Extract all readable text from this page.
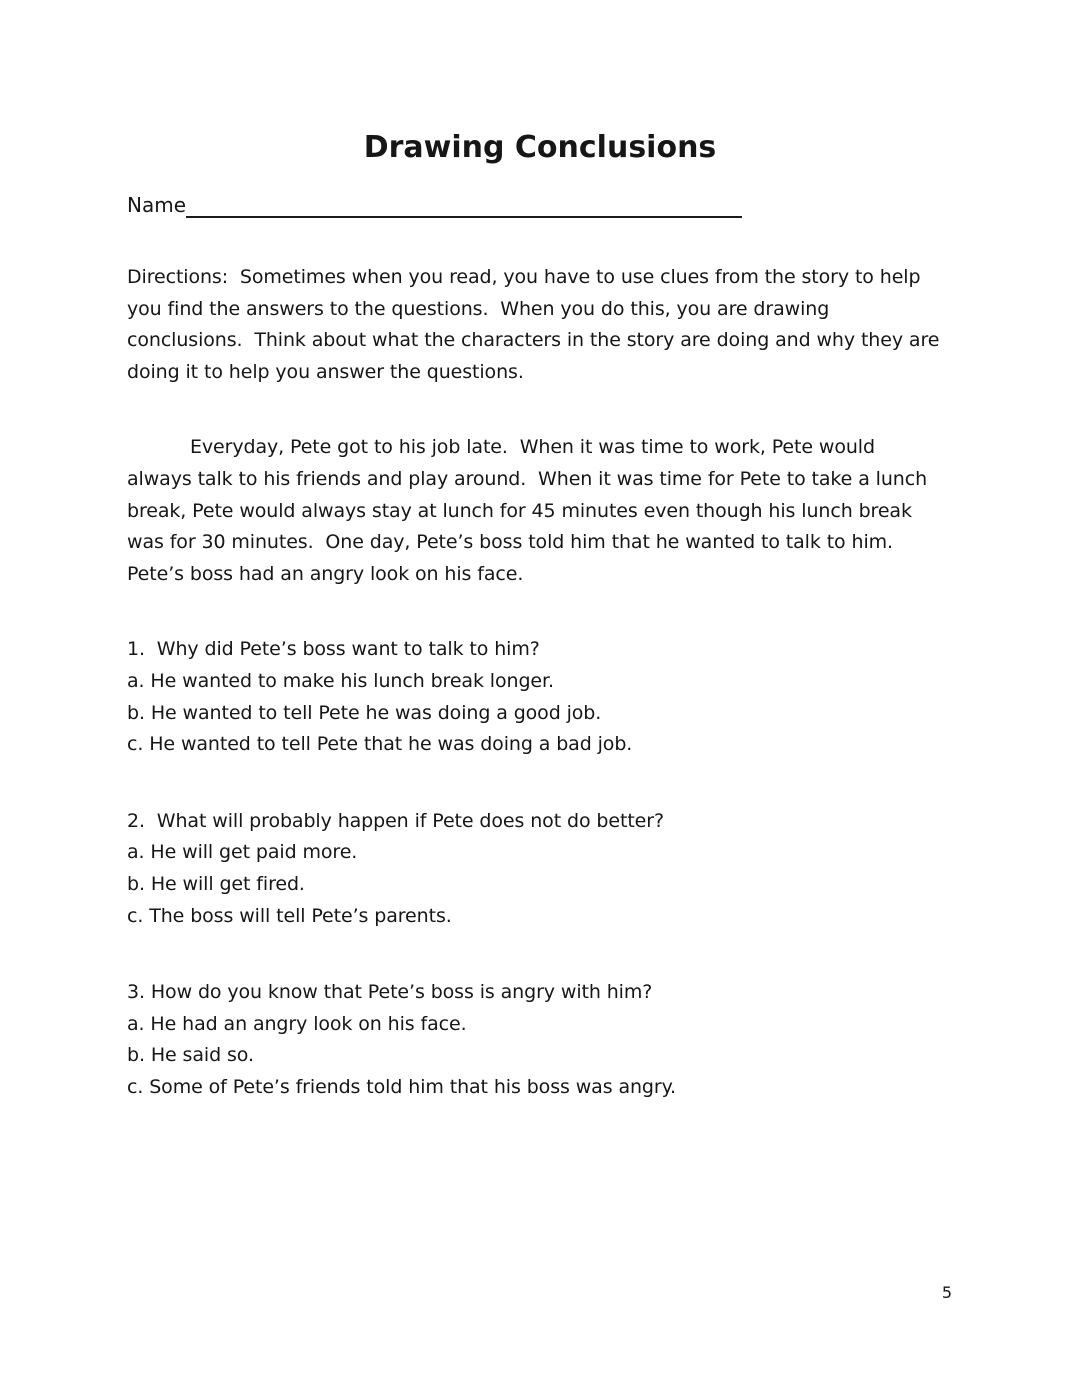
Drawing Conclusions
Name

Directions:  Sometimes when you read, you have to use clues from the story to help you find the answers to the questions.  When you do this, you are drawing conclusions.  Think about what the characters in the story are doing and why they are doing it to help you answer the questions.

Everyday, Pete got to his job late.  When it was time to work, Pete would always talk to his friends and play around.  When it was time for Pete to take a lunch break, Pete would always stay at lunch for 45 minutes even though his lunch break was for 30 minutes.  One day, Pete’s boss told him that he wanted to talk to him.  Pete’s boss had an angry look on his face.

1.  Why did Pete’s boss want to talk to him?
a. He wanted to make his lunch break longer.
b. He wanted to tell Pete he was doing a good job.
c. He wanted to tell Pete that he was doing a bad job.
2.  What will probably happen if Pete does not do better?
a. He will get paid more.
b. He will get fired.
c. The boss will tell Pete’s parents.
3. How do you know that Pete’s boss is angry with him?
a. He had an angry look on his face.
b. He said so.
c. Some of Pete’s friends told him that his boss was angry.
5
